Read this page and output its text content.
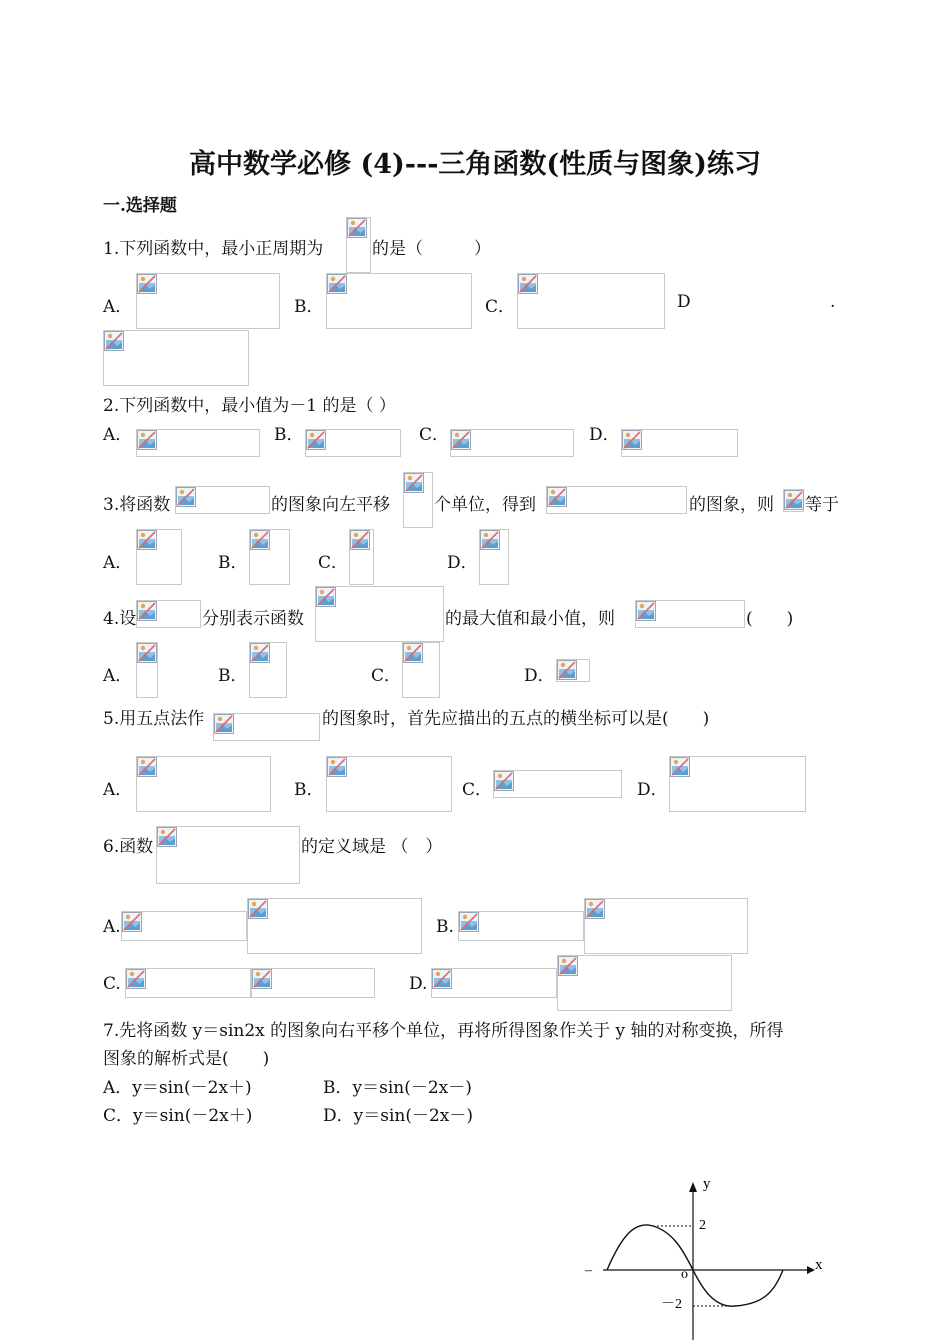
高中数学必修 (4)---三角函数(性质与图象)练习
一.选择题
1.下列函数中，最小正周期为	的是（　　　）
A．	B．	C．	D	.
2.下列函数中，最小值为－1 的是（ ）
A．	B．	C．	D．
3.将函数	的图象向左平移	个单位，得到	的图象，则 等于
A．	B．	C．	D．
4.设	分别表示函数	的最大值和最小值，则	(　　)
A．	B．	C．	D．
5.用五点法作	的图象时，首先应描出的五点的横坐标可以是(　　)
A．	B．	C．	D．
6.函数	的定义域是 （　）
A.	B.
C.	D.
7.先将函数 y＝sin2x 的图象向右平移个单位，再将所得图象作关于 y 轴的对称变换，所得
图象的解析式是(　　)
A．y＝sin(－2x＋)	B．y＝sin(－2x－)
C．y＝sin(－2x＋)	D．y＝sin(－2x－)
y
x
o
2
－2
–
